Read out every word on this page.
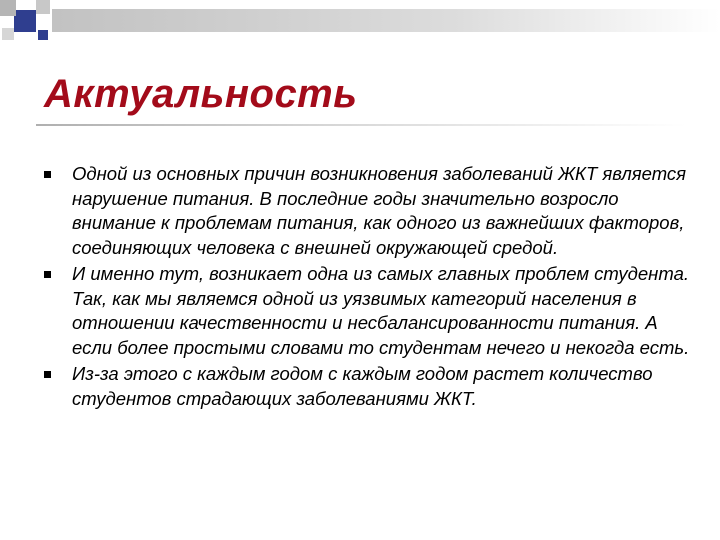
Актуальность
Одной из основных причин возникновения заболеваний ЖКТ является нарушение питания. В последние годы значительно возросло внимание к проблемам питания, как одного из важнейших факторов, соединяющих человека с внешней окружающей средой.
И именно тут, возникает одна из самых главных проблем студента. Так, как мы являемся одной из уязвимых категорий населения в отношении качественности и несбалансированности питания. А если более простыми словами то студентам нечего и некогда есть.
Из-за этого с каждым годом с каждым годом растет количество студентов страдающих заболеваниями ЖКТ.
